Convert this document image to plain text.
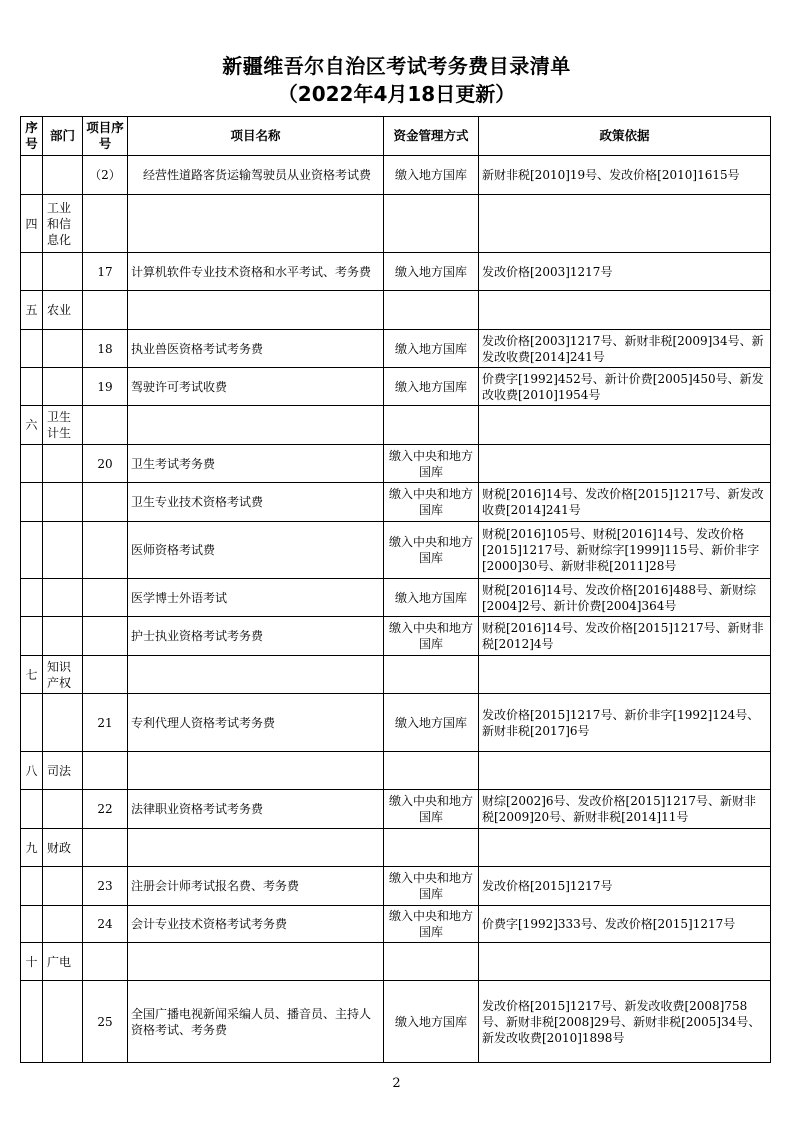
新疆维吾尔自治区考试考务费目录清单
（2022年4月18日更新）
序号	部门	项目序号	项目名称	资金管理方式	政策依据
		（2）	　经营性道路客货运输驾驶员从业资格考试费	缴入地方国库	新财非税[2010]19号、发改价格[2010]1615号
四	工业和信息化				
		17	计算机软件专业技术资格和水平考试、考务费	缴入地方国库	发改价格[2003]1217号
五	农业				
		18	执业兽医资格考试考务费	缴入地方国库	发改价格[2003]1217号、新财非税[2009]34号、新发改收费[2014]241号
		19	驾驶许可考试收费	缴入地方国库	价费字[1992]452号、新计价费[2005]450号、新发改收费[2010]1954号
六	卫生计生				
		20	卫生考试考务费	缴入中央和地方国库	
			卫生专业技术资格考试费	缴入中央和地方国库	财税[2016]14号、发改价格[2015]1217号、新发改收费[2014]241号
			医师资格考试费	缴入中央和地方国库	财税[2016]105号、财税[2016]14号、发改价格[2015]1217号、新财综字[1999]115号、新价非字[2000]30号、新财非税[2011]28号
			医学博士外语考试	缴入地方国库	财税[2016]14号、发改价格[2016]488号、新财综[2004]2号、新计价费[2004]364号
			护士执业资格考试考务费	缴入中央和地方国库	财税[2016]14号、发改价格[2015]1217号、新财非税[2012]4号
七	知识产权				
		21	专利代理人资格考试考务费	缴入地方国库	发改价格[2015]1217号、新价非字[1992]124号、新财非税[2017]6号
八	司法				
		22	法律职业资格考试考务费	缴入中央和地方国库	财综[2002]6号、发改价格[2015]1217号、新财非税[2009]20号、新财非税[2014]11号
九	财政				
		23	注册会计师考试报名费、考务费	缴入中央和地方国库	发改价格[2015]1217号
		24	会计专业技术资格考试考务费	缴入中央和地方国库	价费字[1992]333号、发改价格[2015]1217号
十	广电				
		25	全国广播电视新闻采编人员、播音员、主持人资格考试、考务费	缴入地方国库	发改价格[2015]1217号、新发改收费[2008]758号、新财非税[2008]29号、新财非税[2005]34号、新发改收费[2010]1898号
2
